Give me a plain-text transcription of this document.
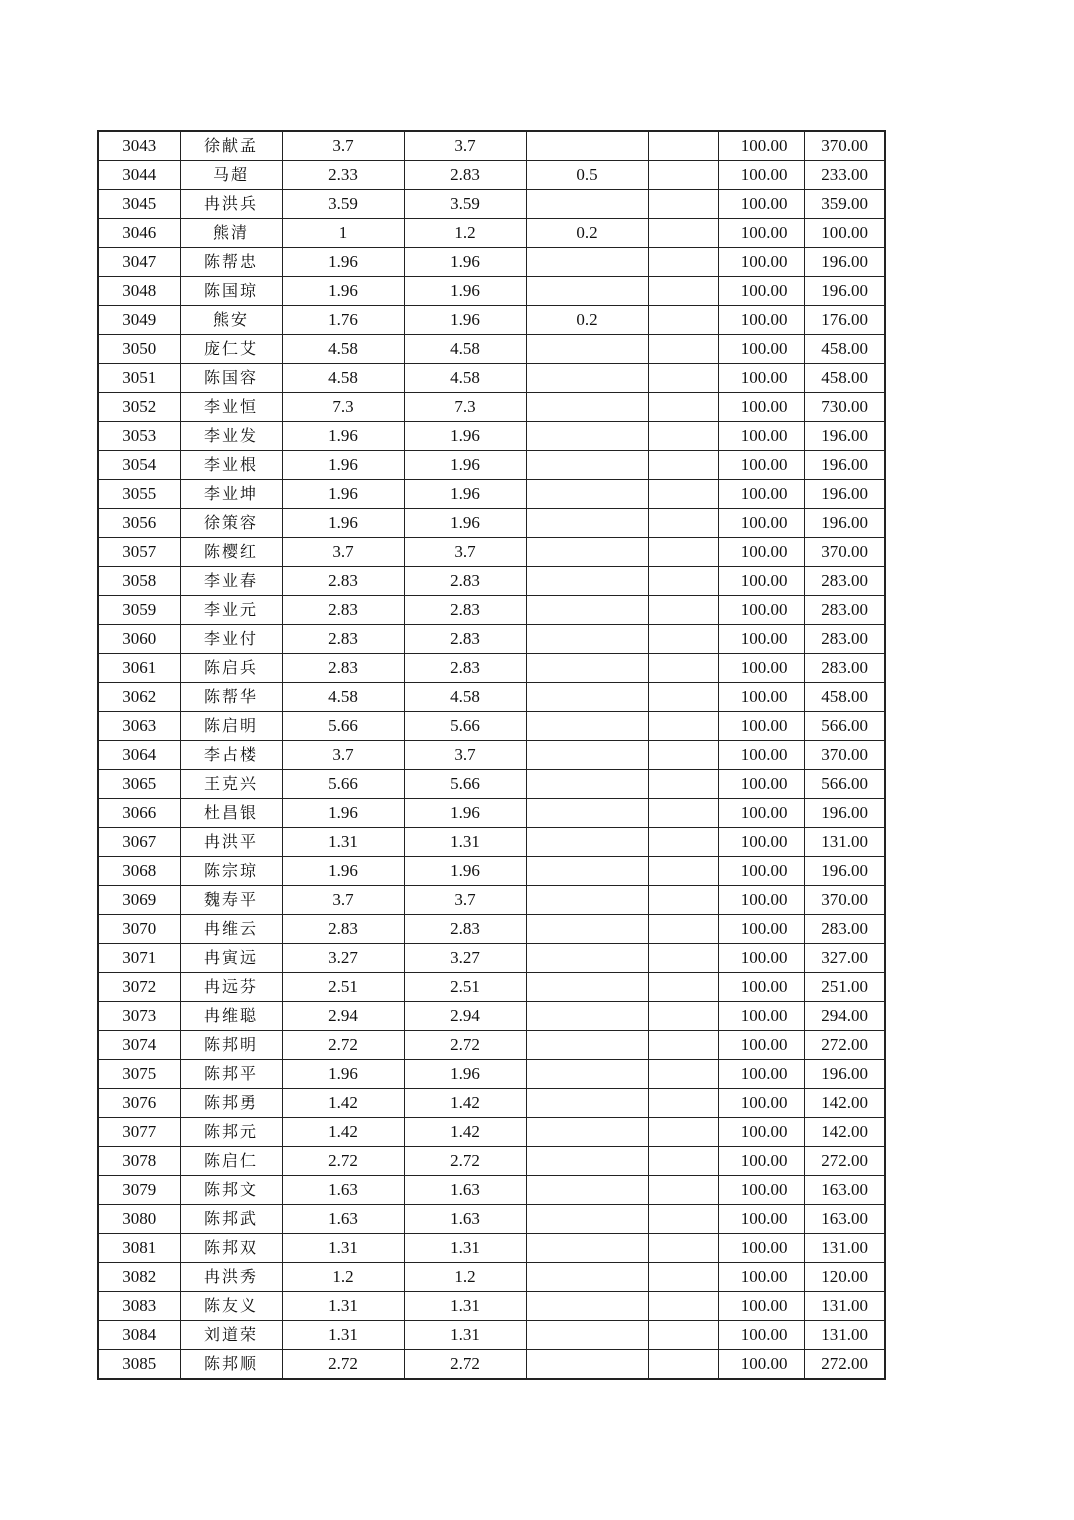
3043	徐献孟	3.7	3.7			100.00	370.00
3044	马超	2.33	2.83	0.5		100.00	233.00
3045	冉洪兵	3.59	3.59			100.00	359.00
3046	熊清	1	1.2	0.2		100.00	100.00
3047	陈帮忠	1.96	1.96			100.00	196.00
3048	陈国琼	1.96	1.96			100.00	196.00
3049	熊安	1.76	1.96	0.2		100.00	176.00
3050	庞仁艾	4.58	4.58			100.00	458.00
3051	陈国容	4.58	4.58			100.00	458.00
3052	李业恒	7.3	7.3			100.00	730.00
3053	李业发	1.96	1.96			100.00	196.00
3054	李业根	1.96	1.96			100.00	196.00
3055	李业坤	1.96	1.96			100.00	196.00
3056	徐策容	1.96	1.96			100.00	196.00
3057	陈樱红	3.7	3.7			100.00	370.00
3058	李业春	2.83	2.83			100.00	283.00
3059	李业元	2.83	2.83			100.00	283.00
3060	李业付	2.83	2.83			100.00	283.00
3061	陈启兵	2.83	2.83			100.00	283.00
3062	陈帮华	4.58	4.58			100.00	458.00
3063	陈启明	5.66	5.66			100.00	566.00
3064	李占楼	3.7	3.7			100.00	370.00
3065	王克兴	5.66	5.66			100.00	566.00
3066	杜昌银	1.96	1.96			100.00	196.00
3067	冉洪平	1.31	1.31			100.00	131.00
3068	陈宗琼	1.96	1.96			100.00	196.00
3069	魏寿平	3.7	3.7			100.00	370.00
3070	冉维云	2.83	2.83			100.00	283.00
3071	冉寅远	3.27	3.27			100.00	327.00
3072	冉远芬	2.51	2.51			100.00	251.00
3073	冉维聪	2.94	2.94			100.00	294.00
3074	陈邦明	2.72	2.72			100.00	272.00
3075	陈邦平	1.96	1.96			100.00	196.00
3076	陈邦勇	1.42	1.42			100.00	142.00
3077	陈邦元	1.42	1.42			100.00	142.00
3078	陈启仁	2.72	2.72			100.00	272.00
3079	陈邦文	1.63	1.63			100.00	163.00
3080	陈邦武	1.63	1.63			100.00	163.00
3081	陈邦双	1.31	1.31			100.00	131.00
3082	冉洪秀	1.2	1.2			100.00	120.00
3083	陈友义	1.31	1.31			100.00	131.00
3084	刘道荣	1.31	1.31			100.00	131.00
3085	陈邦顺	2.72	2.72			100.00	272.00
